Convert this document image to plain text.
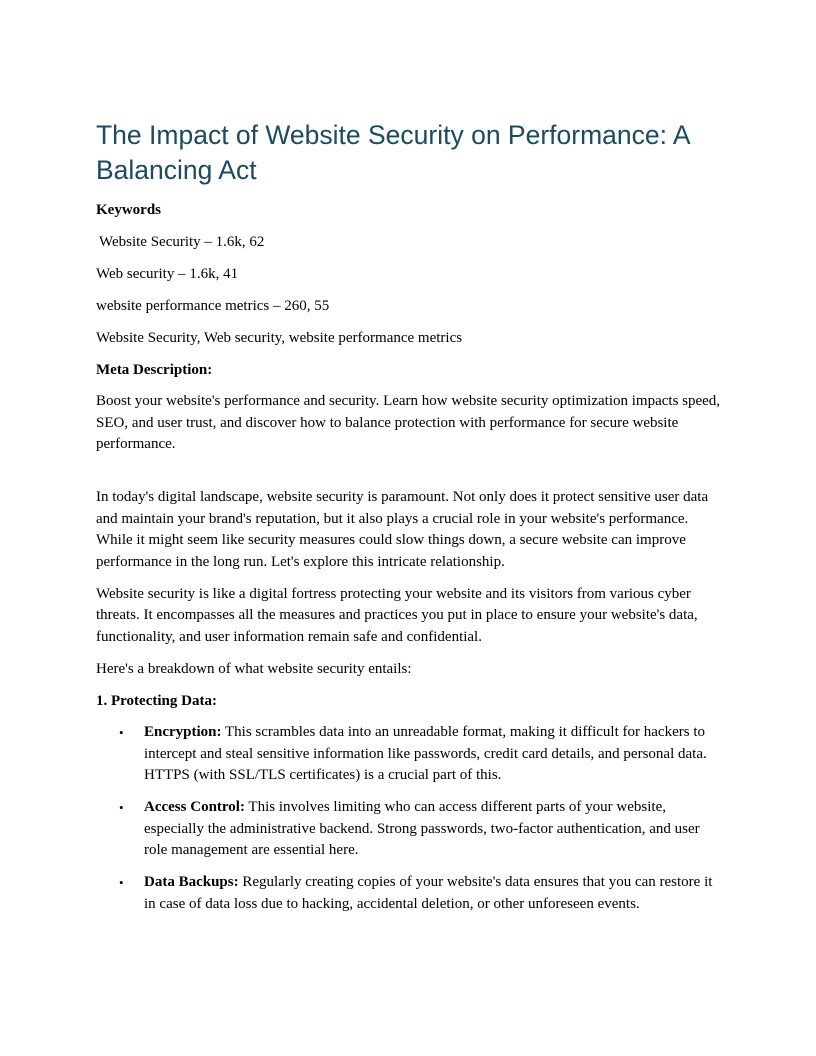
The Impact of Website Security on Performance: A Balancing Act
Keywords

Website Security – 1.6k, 62

Web security – 1.6k, 41

website performance metrics – 260, 55

Website Security, Web security, website performance metrics

Meta Description:

Boost your website's performance and security. Learn how website security optimization impacts speed, SEO, and user trust, and discover how to balance protection with performance for secure website performance.

In today's digital landscape, website security is paramount. Not only does it protect sensitive user data and maintain your brand's reputation, but it also plays a crucial role in your website's performance. While it might seem like security measures could slow things down, a secure website can improve performance in the long run. Let's explore this intricate relationship.

Website security is like a digital fortress protecting your website and its visitors from various cyber threats. It encompasses all the measures and practices you put in place to ensure your website's data, functionality, and user information remain safe and confidential.

Here's a breakdown of what website security entails:

1. Protecting Data:
• Encryption: This scrambles data into an unreadable format, making it difficult for hackers to intercept and steal sensitive information like passwords, credit card details, and personal data. HTTPS (with SSL/TLS certificates) is a crucial part of this.
• Access Control: This involves limiting who can access different parts of your website, especially the administrative backend. Strong passwords, two-factor authentication, and user role management are essential here.
• Data Backups: Regularly creating copies of your website's data ensures that you can restore it in case of data loss due to hacking, accidental deletion, or other unforeseen events.
